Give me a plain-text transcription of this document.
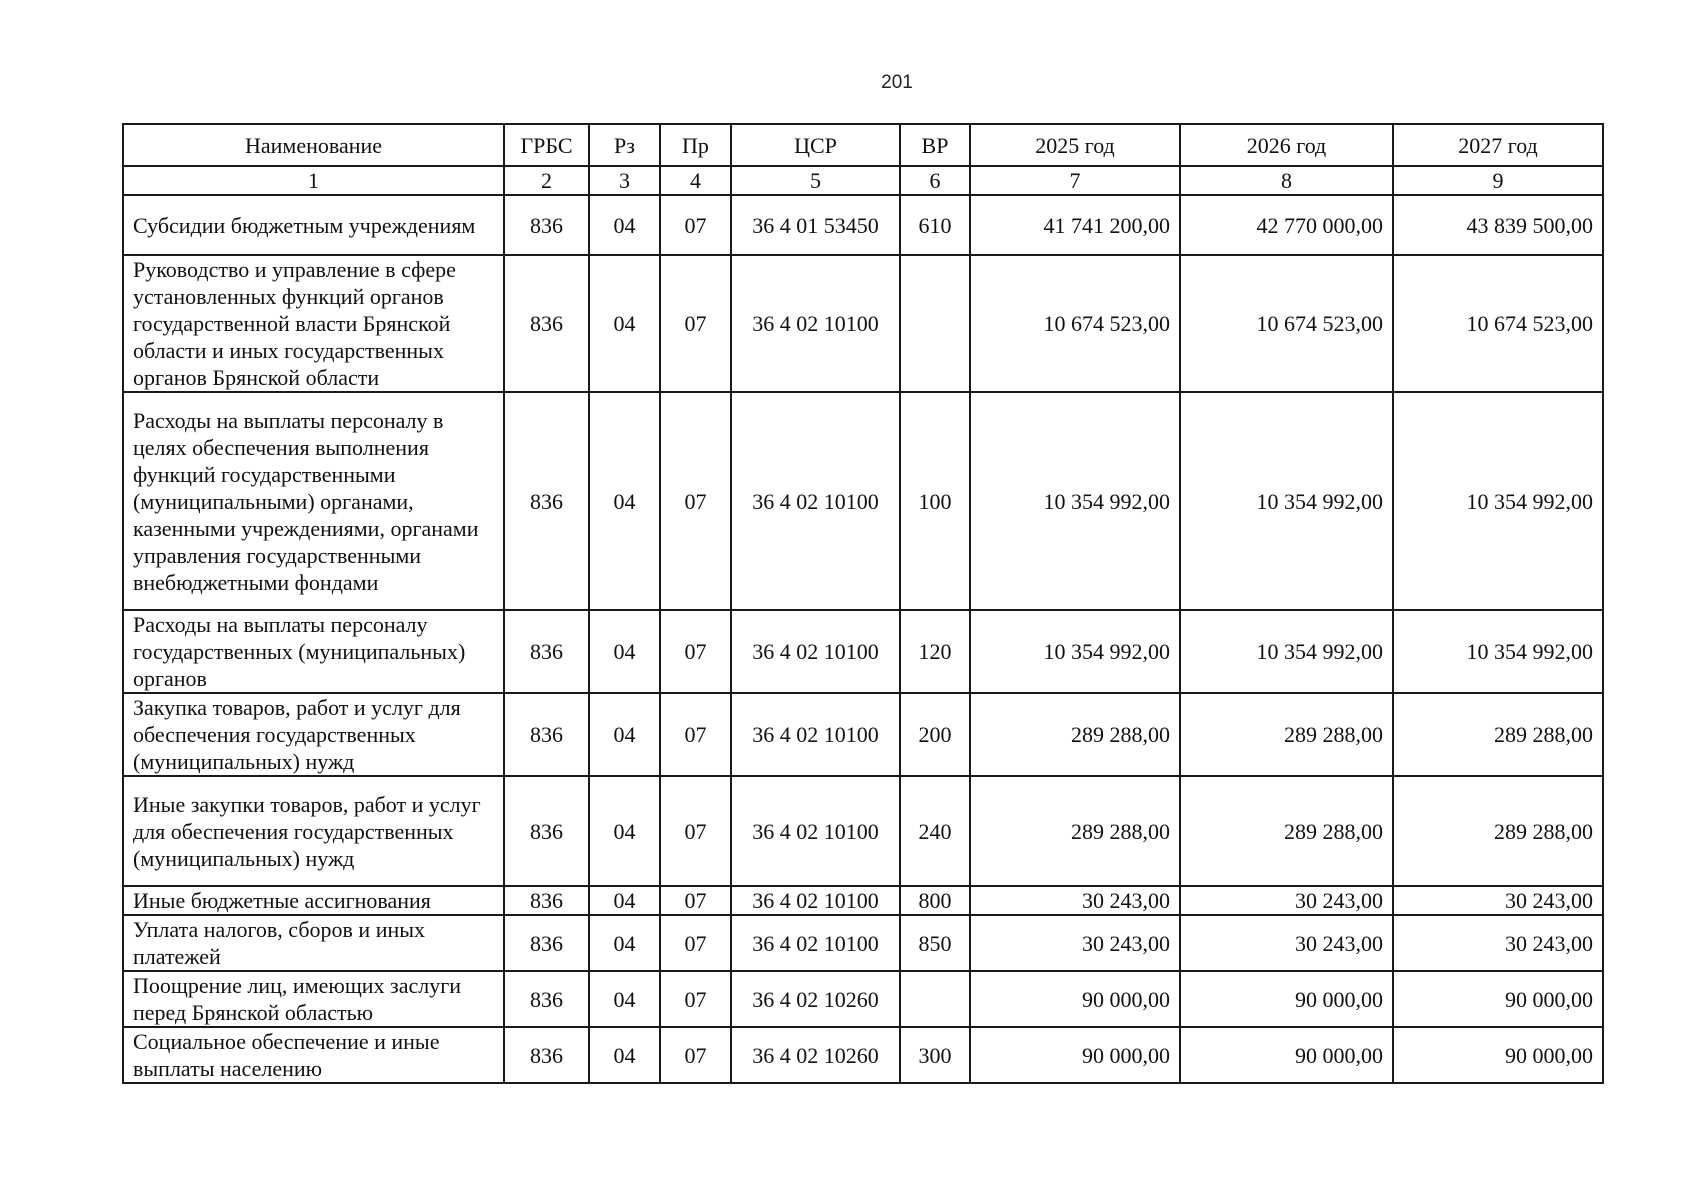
201
Наименование	ГРБС	Рз	Пр	ЦСР	ВР	2025 год	2026 год	2027 год
1	2	3	4	5	6	7	8	9
Субсидии бюджетным учреждениям	836	04	07	36 4 01 53450	610	41 741 200,00	42 770 000,00	43 839 500,00
Руководство и управление в сфере установленных функций органов государственной власти Брянской области и иных государственных органов Брянской области	836	04	07	36 4 02 10100		10 674 523,00	10 674 523,00	10 674 523,00
Расходы на выплаты персоналу в целях обеспечения выполнения функций государственными (муниципальными) органами, казенными учреждениями, органами управления государственными внебюджетными фондами	836	04	07	36 4 02 10100	100	10 354 992,00	10 354 992,00	10 354 992,00
Расходы на выплаты персоналу государственных (муниципальных) органов	836	04	07	36 4 02 10100	120	10 354 992,00	10 354 992,00	10 354 992,00
Закупка товаров, работ и услуг для обеспечения государственных (муниципальных) нужд	836	04	07	36 4 02 10100	200	289 288,00	289 288,00	289 288,00
Иные закупки товаров, работ и услуг для обеспечения государственных (муниципальных) нужд	836	04	07	36 4 02 10100	240	289 288,00	289 288,00	289 288,00
Иные бюджетные ассигнования	836	04	07	36 4 02 10100	800	30 243,00	30 243,00	30 243,00
Уплата налогов, сборов и иных платежей	836	04	07	36 4 02 10100	850	30 243,00	30 243,00	30 243,00
Поощрение лиц, имеющих заслуги перед Брянской областью	836	04	07	36 4 02 10260		90 000,00	90 000,00	90 000,00
Социальное обеспечение и иные выплаты населению	836	04	07	36 4 02 10260	300	90 000,00	90 000,00	90 000,00
